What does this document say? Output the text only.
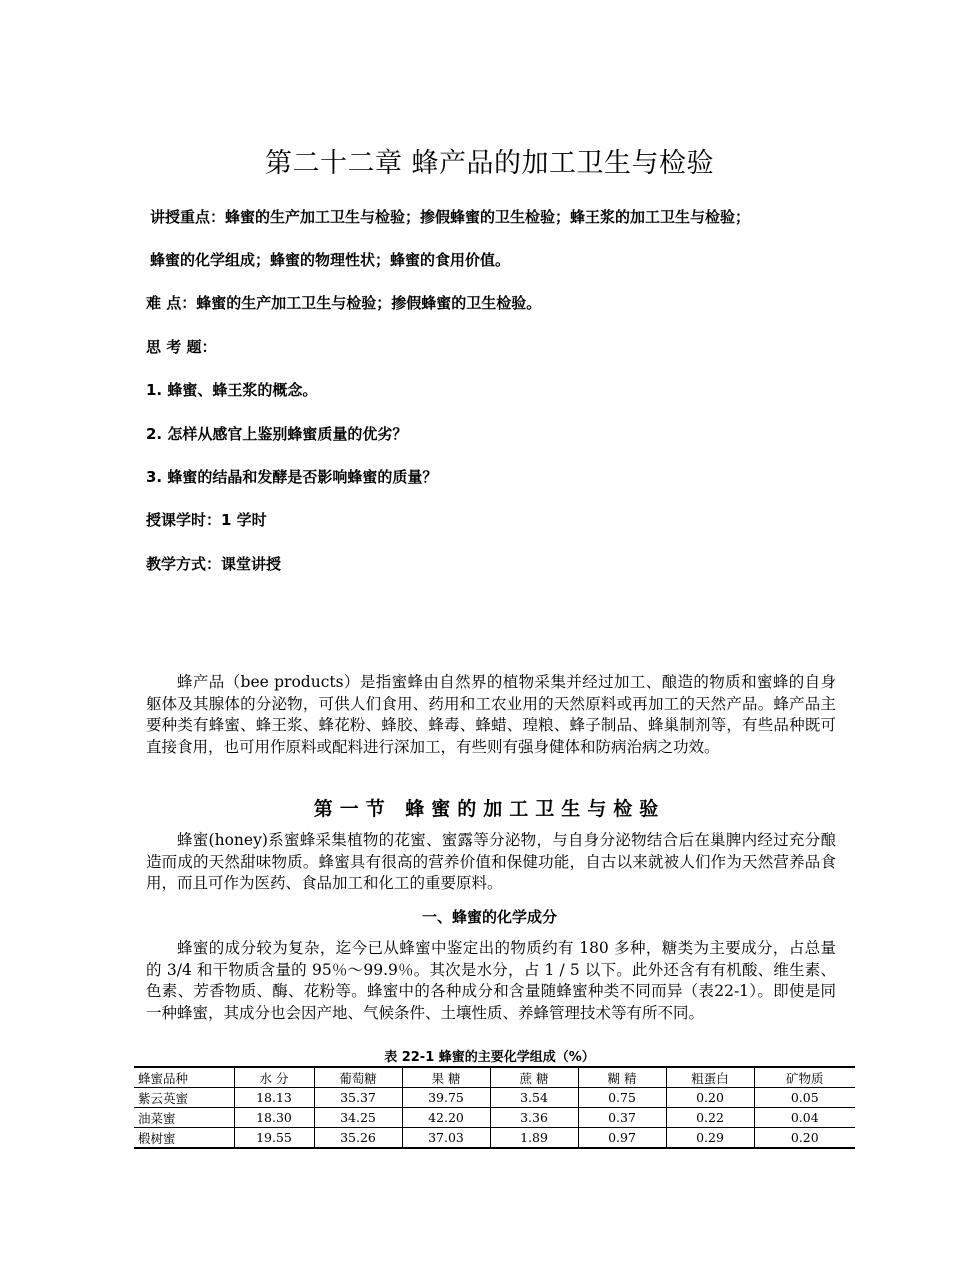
第二十二章 蜂产品的加工卫生与检验

讲授重点：蜂蜜的生产加工卫生与检验；掺假蜂蜜的卫生检验；蜂王浆的加工卫生与检验；

蜂蜜的化学组成；蜂蜜的物理性状；蜂蜜的食用价值。

难 点：蜂蜜的生产加工卫生与检验；掺假蜂蜜的卫生检验。

思 考 题：

1. 蜂蜜、蜂王浆的概念。

2. 怎样从感官上鉴别蜂蜜质量的优劣？

3. 蜂蜜的结晶和发酵是否影响蜂蜜的质量？

授课学时：1 学时

教学方式：课堂讲授

蜂产品（bee products）是指蜜蜂由自然界的植物采集并经过加工、酿造的物质和蜜蜂的自身躯体及其腺体的分泌物，可供人们食用、药用和工农业用的天然原料或再加工的天然产品。蜂产品主要种类有蜂蜜、蜂王浆、蜂花粉、蜂胶、蜂毒、蜂蜡、瑝粮、蜂子制品、蜂巢制剂等，有些品种既可直接食用，也可用作原料或配料进行深加工，有些则有强身健体和防病治病之功效。

第一节 蜂蜜的加工卫生与检验

蜂蜜(honey)系蜜蜂采集植物的花蜜、蜜露等分泌物，与自身分泌物结合后在巢脾内经过充分酿造而成的天然甜味物质。蜂蜜具有很高的营养价值和保健功能，自古以来就被人们作为天然营养品食用，而且可作为医药、食品加工和化工的重要原料。

一、蜂蜜的化学成分

蜂蜜的成分较为复杂，迄今已从蜂蜜中鉴定出的物质约有 180 多种，糖类为主要成分，占总量的 3/4 和干物质含量的 95％～99.9％。其次是水分，占 1 / 5 以下。此外还含有有机酸、维生素、色素、芳香物质、酶、花粉等。蜂蜜中的各种成分和含量随蜂蜜种类不同而异（表22-1）。即使是同一种蜂蜜，其成分也会因产地、气候条件、土壤性质、养蜂管理技术等有所不同。

表 22-1 蜂蜜的主要化学组成（%）

蜂蜜品种	水 分	葡萄糖	果 糖	蔗 糖	糊 精	粗蛋白	矿物质
紫云英蜜	18.13	35.37	39.75	3.54	0.75	0.20	0.05
油菜蜜	18.30	34.25	42.20	3.36	0.37	0.22	0.04
椴树蜜	19.55	35.26	37.03	1.89	0.97	0.29	0.20
